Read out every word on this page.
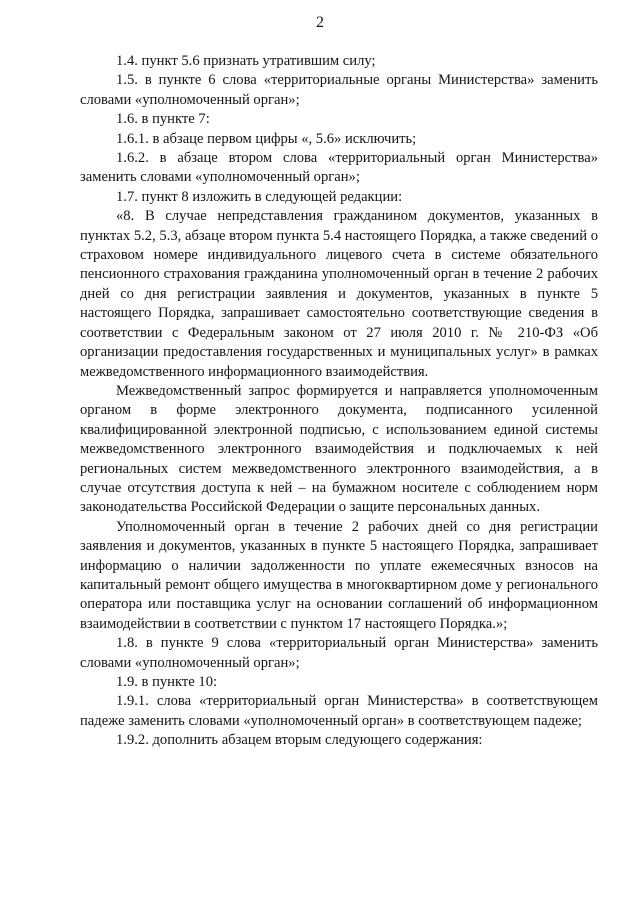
2

1.4. пункт 5.6 признать утратившим силу;

1.5. в пункте 6 слова «территориальные органы Министерства» заменить словами «уполномоченный орган»;

1.6. в пункте 7:

1.6.1. в абзаце первом цифры «, 5.6» исключить;

1.6.2. в абзаце втором слова «территориальный орган Министерства» заменить словами «уполномоченный орган»;

1.7. пункт 8 изложить в следующей редакции:

«8. В случае непредставления гражданином документов, указанных в пунктах 5.2, 5.3, абзаце втором пункта 5.4 настоящего Порядка, а также сведений о страховом номере индивидуального лицевого счета в системе обязательного пенсионного страхования гражданина уполномоченный орган в течение 2 рабочих дней со дня регистрации заявления и документов, указанных в пункте 5 настоящего Порядка, запрашивает самостоятельно соответствующие сведения в соответствии с Федеральным законом от 27 июля 2010 г. № 210-ФЗ «Об организации предоставления государственных и муниципальных услуг» в рамках межведомственного информационного взаимодействия.

Межведомственный запрос формируется и направляется уполномоченным органом в форме электронного документа, подписанного усиленной квалифицированной электронной подписью, с использованием единой системы межведомственного электронного взаимодействия и подключаемых к ней региональных систем межведомственного электронного взаимодействия, а в случае отсутствия доступа к ней – на бумажном носителе с соблюдением норм законодательства Российской Федерации о защите персональных данных.

Уполномоченный орган в течение 2 рабочих дней со дня регистрации заявления и документов, указанных в пункте 5 настоящего Порядка, запрашивает информацию о наличии задолженности по уплате ежемесячных взносов на капитальный ремонт общего имущества в многоквартирном доме у регионального оператора или поставщика услуг на основании соглашений об информационном взаимодействии в соответствии с пунктом 17 настоящего Порядка.»;

1.8. в пункте 9 слова «территориальный орган Министерства» заменить словами «уполномоченный орган»;

1.9. в пункте 10:

1.9.1. слова «территориальный орган Министерства» в соответствующем падеже заменить словами «уполномоченный орган» в соответствующем падеже;

1.9.2. дополнить абзацем вторым следующего содержания:
